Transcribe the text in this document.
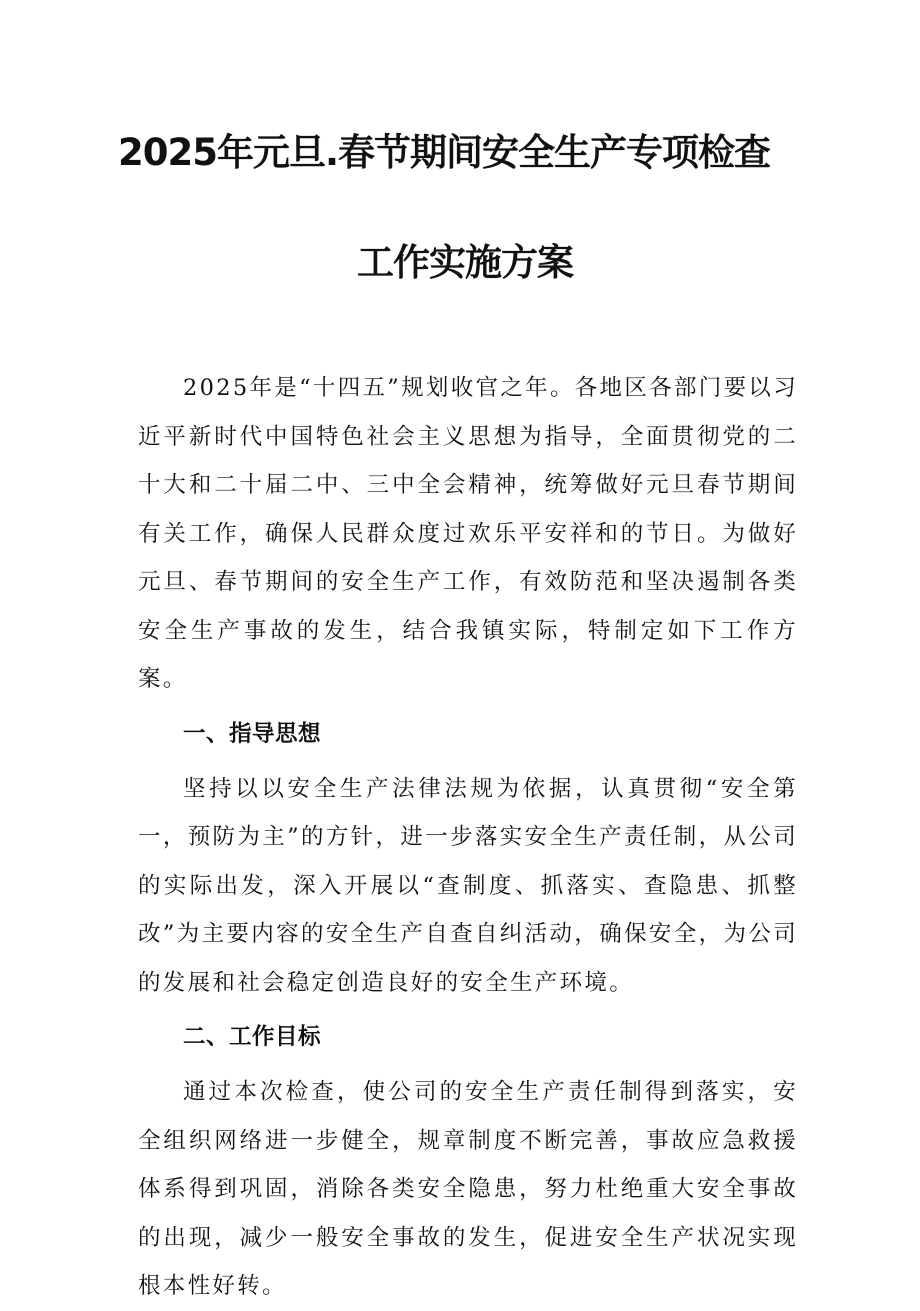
2025年元旦.春节期间安全生产专项检查
工作实施方案

2025年是“十四五”规划收官之年。各地区各部门要以习近平新时代中国特色社会主义思想为指导，全面贯彻党的二十大和二十届二中、三中全会精神，统筹做好元旦春节期间有关工作，确保人民群众度过欢乐平安祥和的节日。为做好元旦、春节期间的安全生产工作，有效防范和坚决遏制各类安全生产事故的发生，结合我镇实际，特制定如下工作方案。

一、指导思想

坚持以以安全生产法律法规为依据，认真贯彻“安全第一，预防为主”的方针，进一步落实安全生产责任制，从公司的实际出发，深入开展以“查制度、抓落实、查隐患、抓整改”为主要内容的安全生产自查自纠活动，确保安全，为公司的发展和社会稳定创造良好的安全生产环境。

二、工作目标

通过本次检查，使公司的安全生产责任制得到落实，安全组织网络进一步健全，规章制度不断完善，事故应急救援体系得到巩固，消除各类安全隐患，努力杜绝重大安全事故的出现，减少一般安全事故的发生，促进安全生产状况实现根本性好转。
